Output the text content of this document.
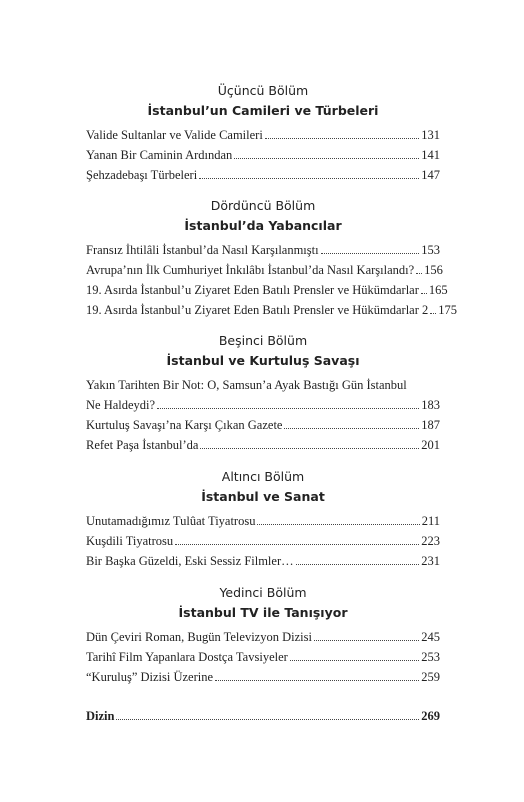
Üçüncü Bölüm
İstanbul’un Camileri ve Türbeleri
Valide Sultanlar ve Valide Camileri	131
Yanan Bir Caminin Ardından	141
Şehzadebaşı Türbeleri	147
Dördüncü Bölüm
İstanbul’da Yabancılar
Fransız İhtilâli İstanbul’da Nasıl Karşılanmıştı	153
Avrupa’nın İlk Cumhuriyet İnkılâbı İstanbul’da Nasıl Karşılandı? 156
19. Asırda İstanbul’u Ziyaret Eden Batılı Prensler ve Hükümdarlar 165
19. Asırda İstanbul’u Ziyaret Eden Batılı Prensler ve Hükümdarlar 2 175
Beşinci Bölüm
İstanbul ve Kurtuluş Savaşı
Yakın Tarihten Bir Not: O, Samsun’a Ayak Bastığı Gün İstanbul
Ne Haldeydi?	183
Kurtuluş Savaşı’na Karşı Çıkan Gazete	187
Refet Paşa İstanbul’da	201
Altıncı Bölüm
İstanbul ve Sanat
Unutamadığımız Tulûat Tiyatrosu	211
Kuşdili Tiyatrosu	223
Bir Başka Güzeldi, Eski Sessiz Filmler…	231
Yedinci Bölüm
İstanbul TV ile Tanışıyor
Dün Çeviri Roman, Bugün Televizyon Dizisi	245
Tarihî Film Yapanlara Dostça Tavsiyeler	253
“Kuruluş” Dizisi Üzerine	259
Dizin	269
